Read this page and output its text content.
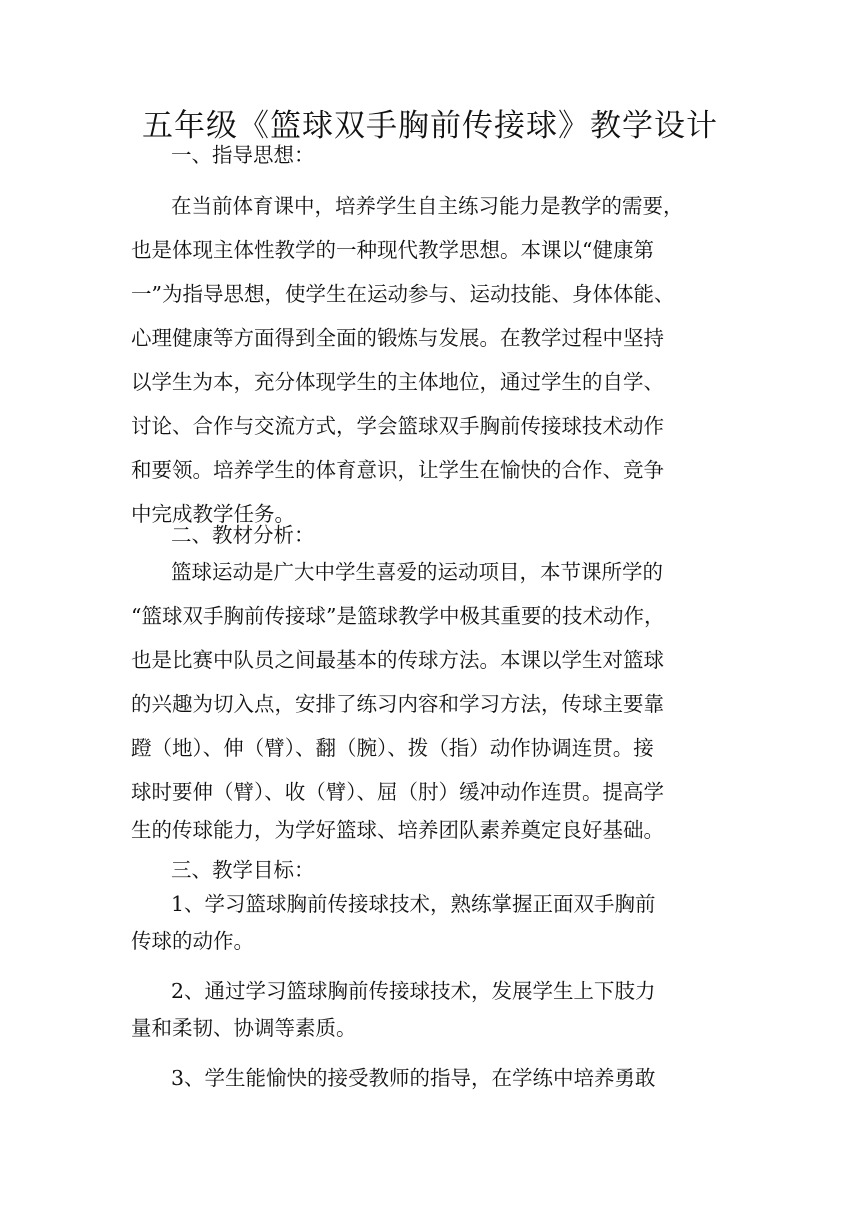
五年级《篮球双手胸前传接球》教学设计

一、指导思想：

在当前体育课中，培养学生自主练习能力是教学的需要，

也是体现主体性教学的一种现代教学思想。本课以“健康第

一”为指导思想，使学生在运动参与、运动技能、身体体能、

心理健康等方面得到全面的锻炼与发展。在教学过程中坚持

以学生为本，充分体现学生的主体地位，通过学生的自学、

讨论、合作与交流方式，学会篮球双手胸前传接球技术动作

和要领。培养学生的体育意识，让学生在愉快的合作、竞争

中完成教学任务。

二、教材分析：

篮球运动是广大中学生喜爱的运动项目，本节课所学的

“篮球双手胸前传接球”是篮球教学中极其重要的技术动作，

也是比赛中队员之间最基本的传球方法。本课以学生对篮球

的兴趣为切入点，安排了练习内容和学习方法，传球主要靠

蹬（地）、伸（臂）、翻（腕）、拨（指）动作协调连贯。接

球时要伸（臂）、收（臂）、屈（肘）缓冲动作连贯。提高学

生的传球能力，为学好篮球、培养团队素养奠定良好基础。

三、教学目标：

1、学习篮球胸前传接球技术，熟练掌握正面双手胸前

传球的动作。

2、通过学习篮球胸前传接球技术，发展学生上下肢力

量和柔韧、协调等素质。

3、学生能愉快的接受教师的指导，在学练中培养勇敢
